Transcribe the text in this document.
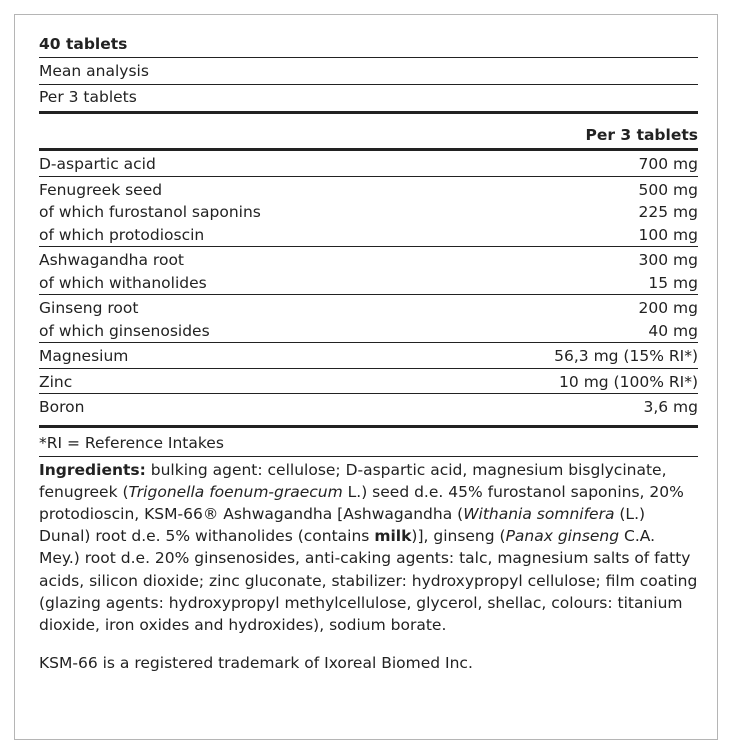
40 tablets
Mean analysis
Per 3 tablets
Per 3 tablets
D-aspartic acid	700 mg
Fenugreek seed	500 mg
of which furostanol saponins	225 mg
of which protodioscin	100 mg
Ashwagandha root	300 mg
of which withanolides	15 mg
Ginseng root	200 mg
of which ginsenosides	40 mg
Magnesium	56,3 mg (15% RI*)
Zinc	10 mg (100% RI*)
Boron	3,6 mg
*RI = Reference Intakes
Ingredients: bulking agent: cellulose; D-aspartic acid, magnesium bisglycinate, fenugreek (Trigonella foenum-graecum L.) seed d.e. 45% furostanol saponins, 20% protodioscin, KSM-66® Ashwagandha [Ashwagandha (Withania somnifera (L.) Dunal) root d.e. 5% withanolides (contains milk)], ginseng (Panax ginseng C.A. Mey.) root d.e. 20% ginsenosides, anti-caking agents: talc, magnesium salts of fatty acids, silicon dioxide; zinc gluconate, stabilizer: hydroxypropyl cellulose; film coating (glazing agents: hydroxypropyl methylcellulose, glycerol, shellac, colours: titanium dioxide, iron oxides and hydroxides), sodium borate.
KSM-66 is a registered trademark of Ixoreal Biomed Inc.
